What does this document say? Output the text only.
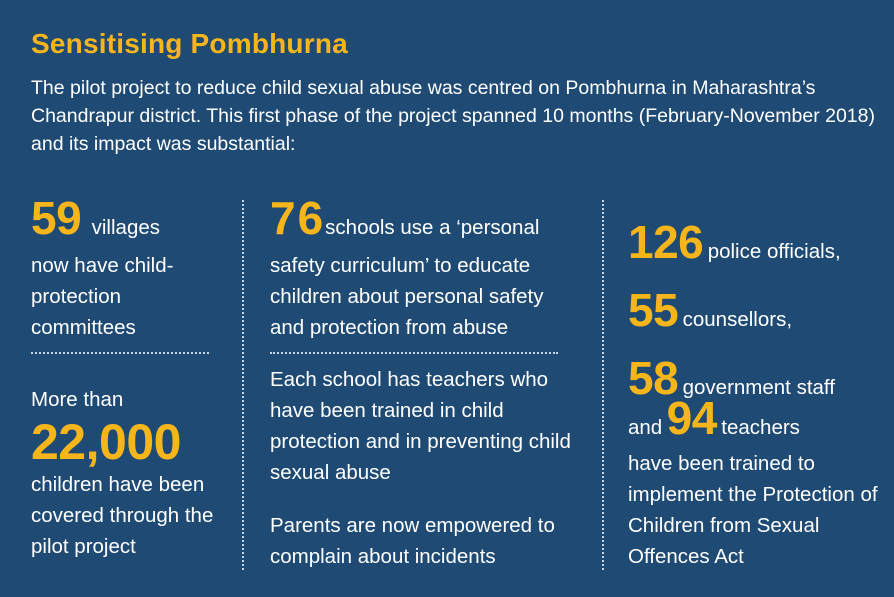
Sensitising Pombhurna

The pilot project to reduce child sexual abuse was centred on Pombhurna in Maharashtra’s Chandrapur district. This first phase of the project spanned 10 months (February-November 2018) and its impact was substantial:

59 villages
now have child-protection committees
More than
22,000
children have been covered through the pilot project
76schools use a ‘personal
safety curriculum’ to educate children about personal safety and protection from abuse
Each school has teachers who have been trained in child protection and in preventing child sexual abuse
Parents are now empowered to complain about incidents
126 police officials,
55 counsellors,
58 government staff
and 94 teachers
have been trained to implement the Protection of Children from Sexual Offences Act
